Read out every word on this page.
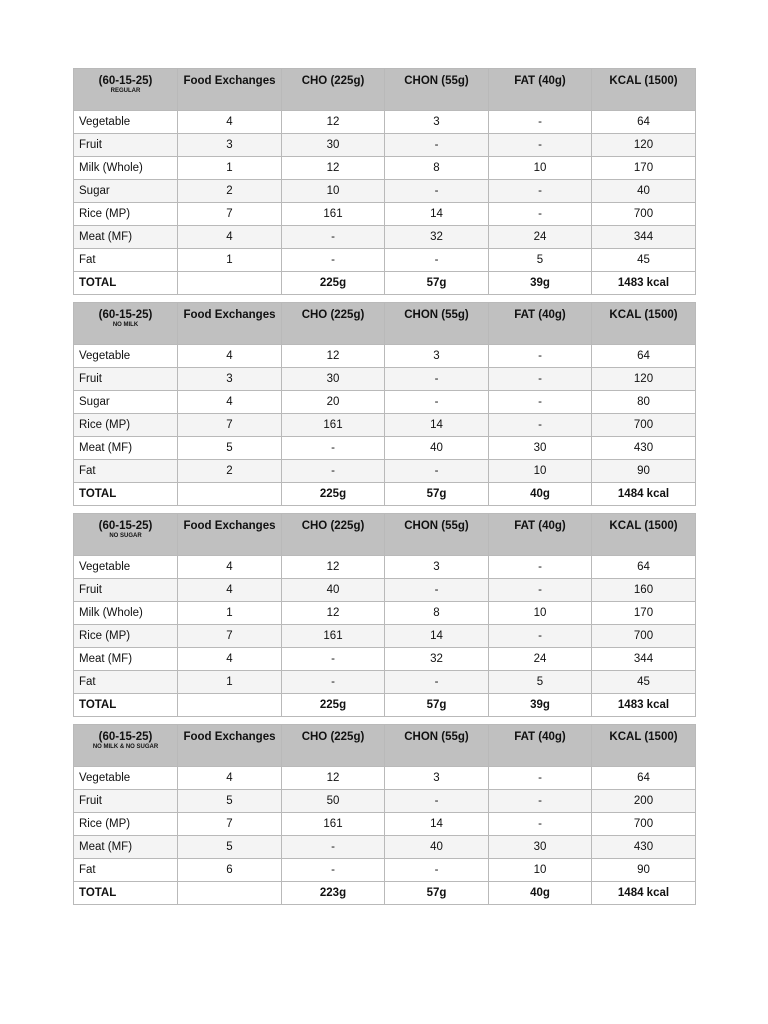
(60-15-25)
REGULAR	Food Exchanges	CHO (225g)	CHON (55g)	FAT (40g)	KCAL (1500)
Vegetable	4	12	3	-	64
Fruit	3	30	-	-	120
Milk (Whole)	1	12	8	10	170
Sugar	2	10	-	-	40
Rice (MP)	7	161	14	-	700
Meat (MF)	4	-	32	24	344
Fat	1	-	-	5	45
TOTAL		225g	57g	39g	1483 kcal
(60-15-25)
NO MILK	Food Exchanges	CHO (225g)	CHON (55g)	FAT (40g)	KCAL (1500)
Vegetable	4	12	3	-	64
Fruit	3	30	-	-	120
Sugar	4	20	-	-	80
Rice (MP)	7	161	14	-	700
Meat (MF)	5	-	40	30	430
Fat	2	-	-	10	90
TOTAL		225g	57g	40g	1484 kcal
(60-15-25)
NO SUGAR	Food Exchanges	CHO (225g)	CHON (55g)	FAT (40g)	KCAL (1500)
Vegetable	4	12	3	-	64
Fruit	4	40	-	-	160
Milk (Whole)	1	12	8	10	170
Rice (MP)	7	161	14	-	700
Meat (MF)	4	-	32	24	344
Fat	1	-	-	5	45
TOTAL		225g	57g	39g	1483 kcal
(60-15-25)
NO MILK & NO SUGAR	Food Exchanges	CHO (225g)	CHON (55g)	FAT (40g)	KCAL (1500)
Vegetable	4	12	3	-	64
Fruit	5	50	-	-	200
Rice (MP)	7	161	14	-	700
Meat (MF)	5	-	40	30	430
Fat	6	-	-	10	90
TOTAL		223g	57g	40g	1484 kcal
